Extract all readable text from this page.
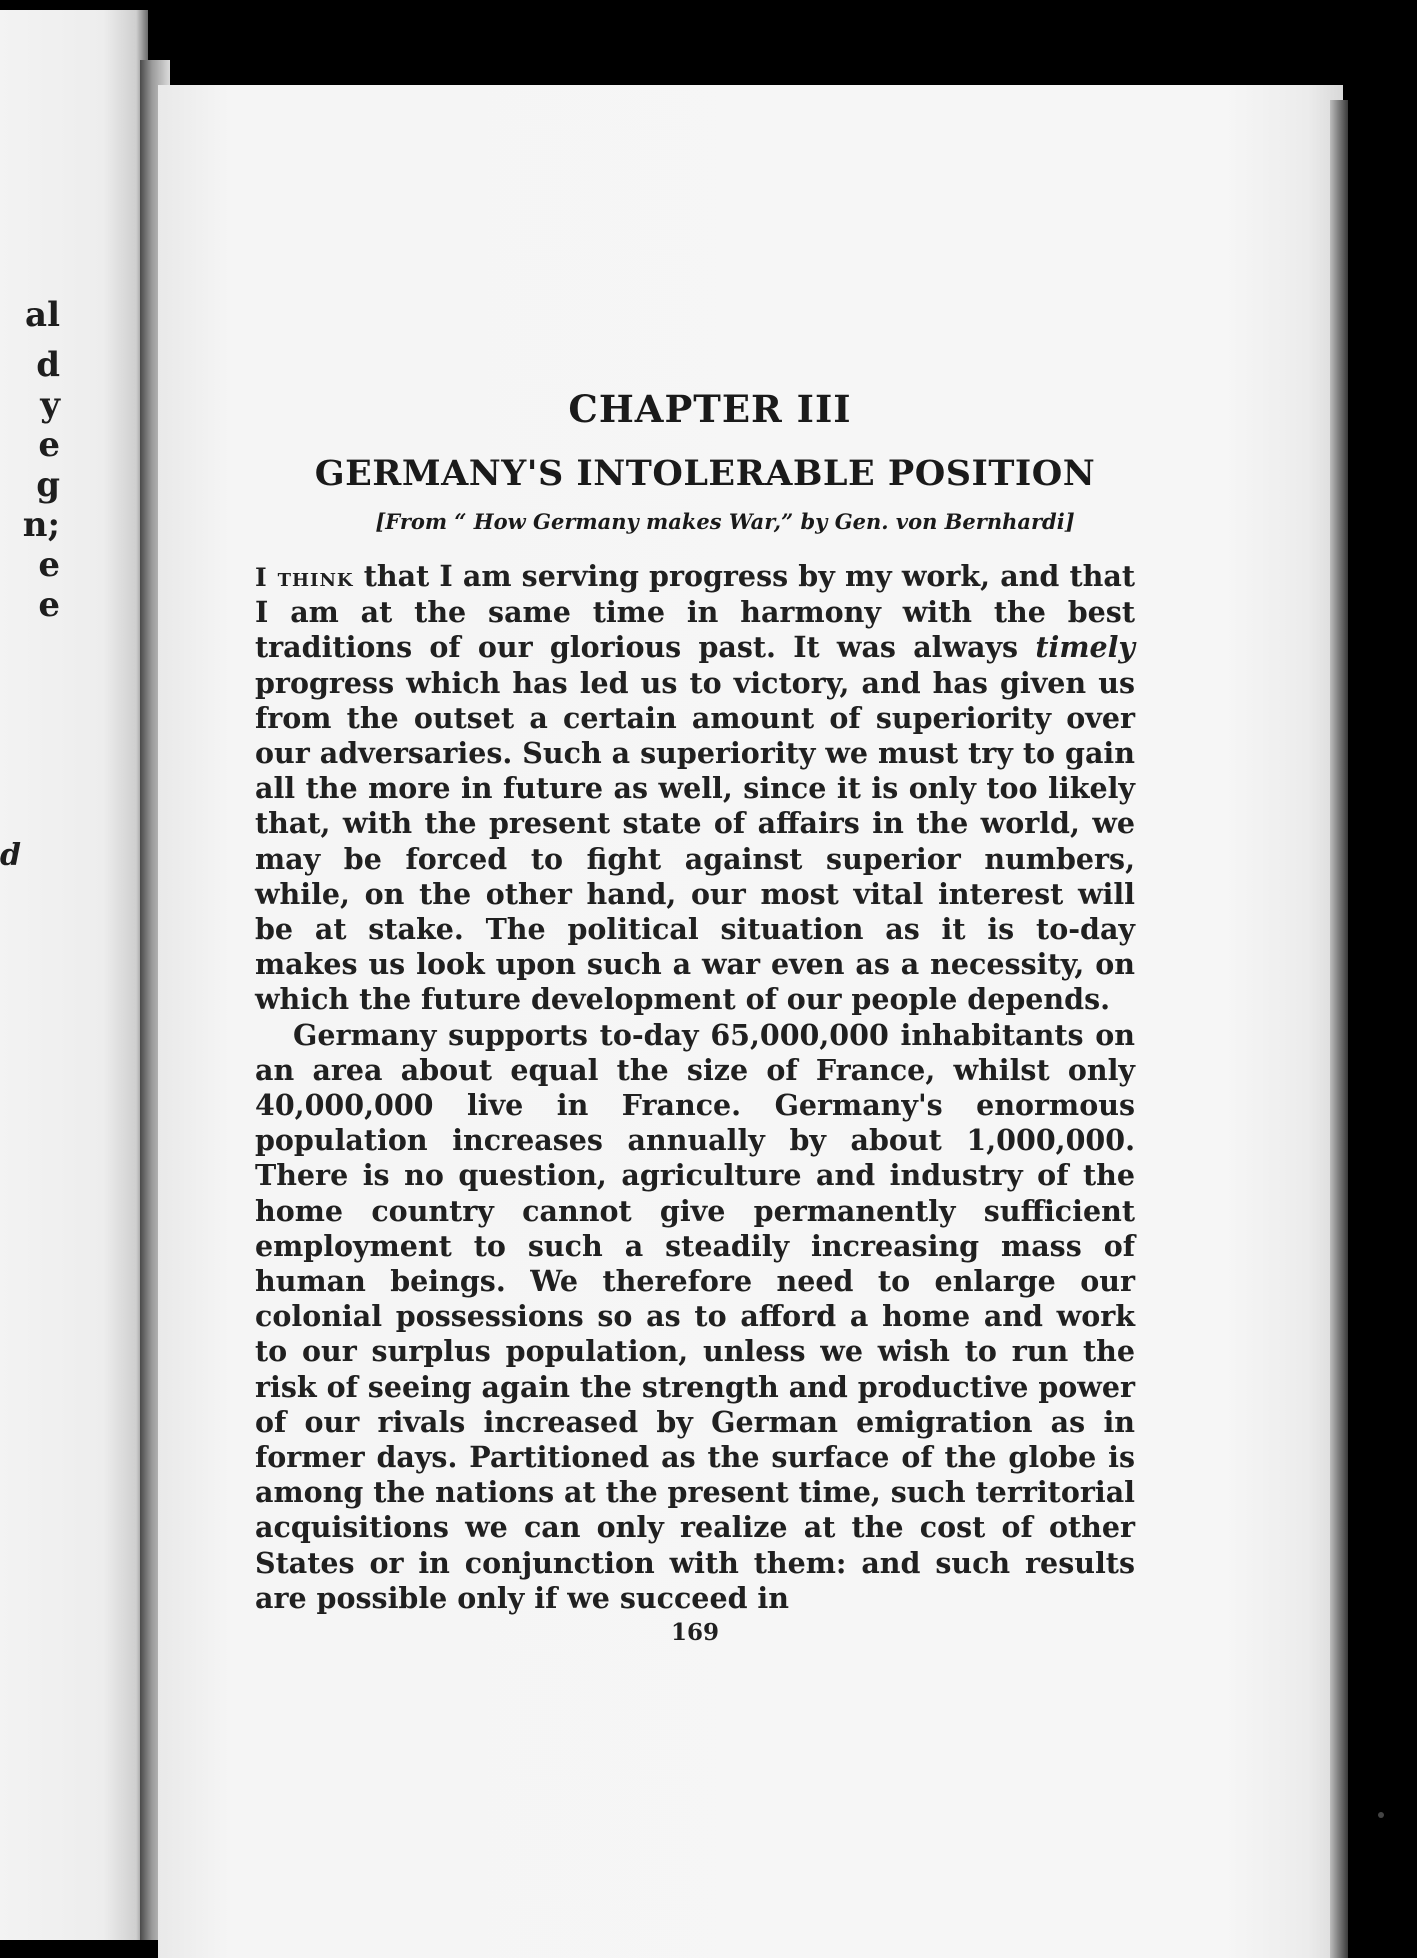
al
d
y
e
g
n;
e
e
d
CHAPTER III
GERMANY'S INTOLERABLE POSITION
[From “ How Germany makes War,” by Gen. von Bernhardi]

I think that I am serving progress by my work, and that I am at the same time in harmony with the best traditions of our glorious past. It was always timely progress which has led us to victory, and has given us from the outset a certain amount of superiority over our adversaries. Such a superiority we must try to gain all the more in future as well, since it is only too likely that, with the present state of affairs in the world, we may be forced to fight against superior numbers, while, on the other hand, our most vital interest will be at stake. The political situation as it is to-day makes us look upon such a war even as a necessity, on which the future development of our people depends.

Germany supports to-day 65,000,000 inhabitants on an area about equal the size of France, whilst only 40,000,000 live in France. Germany's enormous population increases annually by about 1,000,000. There is no question, agriculture and industry of the home country cannot give permanently sufficient employment to such a steadily increasing mass of human beings. We therefore need to enlarge our colonial possessions so as to afford a home and work to our surplus population, unless we wish to run the risk of seeing again the strength and productive power of our rivals increased by German emigration as in former days. Partitioned as the surface of the globe is among the nations at the present time, such territorial acquisitions we can only realize at the cost of other States or in conjunction with them: and such results are possible only if we succeed in

169
